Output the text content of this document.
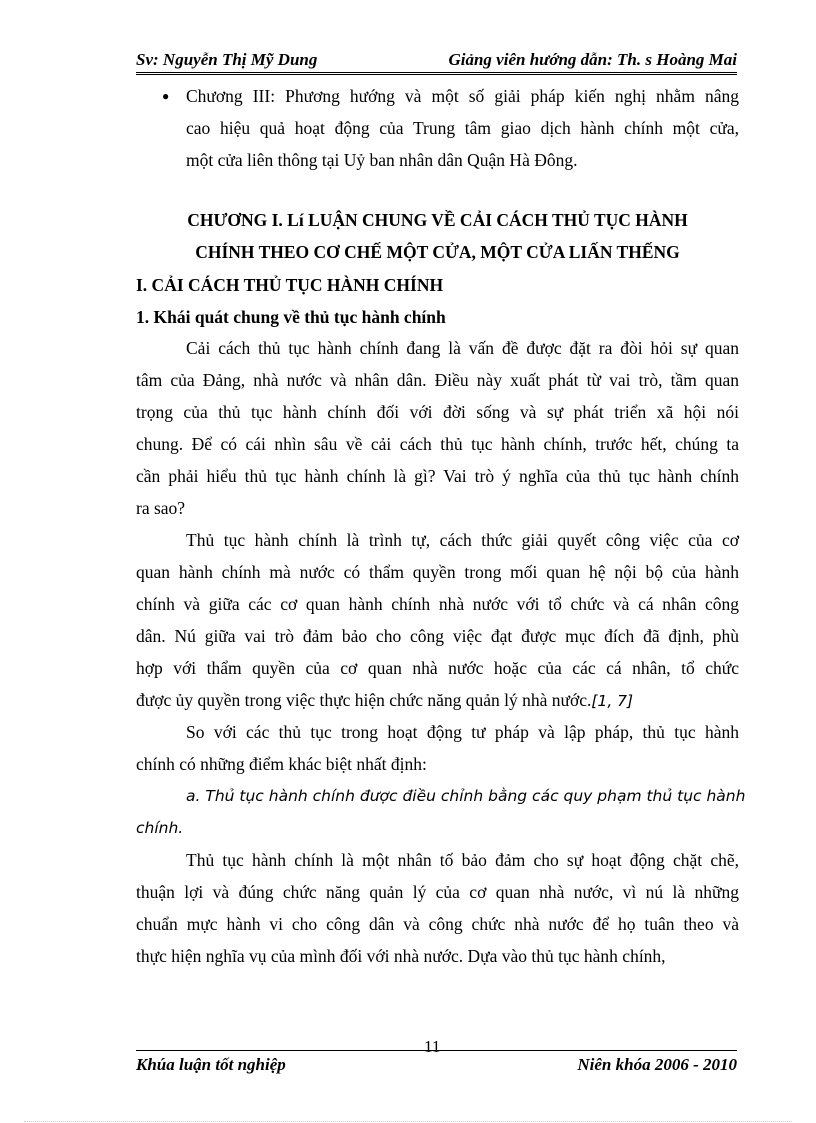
Sv: Nguyễn Thị Mỹ Dung	Giảng viên hướng dẫn: Th. s Hoàng Mai
● Chương III: Phương hướng và một số giải pháp kiến nghị nhằm nâng
cao hiệu quả hoạt động của Trung tâm giao dịch hành chính một cửa,
một cửa liên thông tại Uỷ ban nhân dân Quận Hà Đông.
CHƯƠNG I. Lí LUẬN CHUNG VỀ CẢI CÁCH THỦ TỤC HÀNH
CHÍNH THEO CƠ CHẾ MỘT CỬA, MỘT CỬA LIẤN THẾNG
I. CẢI CÁCH THỦ TỤC HÀNH CHÍNH
1. Khái quát chung về thủ tục hành chính
Cải cách thủ tục hành chính đang là vấn đề được đặt ra đòi hỏi sự quan
tâm của Đảng, nhà nước và nhân dân. Điều này xuất phát từ vai trò, tầm quan
trọng của thủ tục hành chính đối với đời sống và sự phát triển xã hội nói
chung. Để có cái nhìn sâu về cải cách thủ tục hành chính, trước hết, chúng ta
cần phải hiểu thủ tục hành chính là gì? Vai trò ý nghĩa của thủ tục hành chính
ra sao?
Thủ tục hành chính là trình tự, cách thức giải quyết công việc của cơ
quan hành chính mà nước có thẩm quyền trong mối quan hệ nội bộ của hành
chính và giữa các cơ quan hành chính nhà nước với tổ chức và cá nhân công
dân. Nú giữa vai trò đảm bảo cho công việc đạt được mục đích đã định, phù
hợp với thẩm quyền của cơ quan nhà nước hoặc của các cá nhân, tổ chức
được ủy quyền trong việc thực hiện chức năng quản lý nhà nước.[1, 7]
So với các thủ tục trong hoạt động tư pháp và lập pháp, thủ tục hành
chính có những điểm khác biệt nhất định:
a. Thủ tục hành chính được điều chỉnh bằng các quy phạm thủ tục hành
chính.
Thủ tục hành chính là một nhân tố bảo đảm cho sự hoạt động chặt chẽ,
thuận lợi và đúng chức năng quản lý của cơ quan nhà nước, vì nú là những
chuẩn mực hành vi cho công dân và công chức nhà nước để họ tuân theo và
thực hiện nghĩa vụ của mình đối với nhà nước. Dựa vào thủ tục hành chính,
11
Khúa luận tốt nghiệp	Niên khóa 2006 - 2010
